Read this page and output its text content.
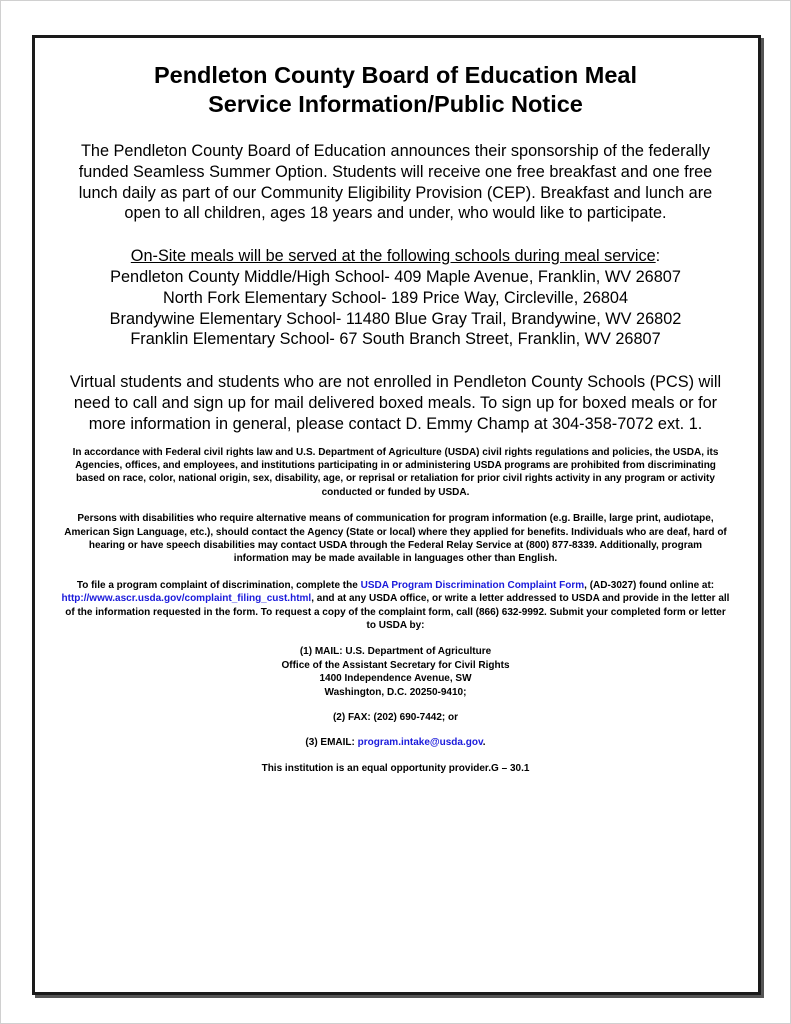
Pendleton County Board of Education Meal
Service Information/Public Notice

The Pendleton County Board of Education announces their sponsorship of the federally funded Seamless Summer Option. Students will receive one free breakfast and one free lunch daily as part of our Community Eligibility Provision (CEP). Breakfast and lunch are open to all children, ages 18 years and under, who would like to participate.

On-Site meals will be served at the following schools during meal service:
Pendleton County Middle/High School- 409 Maple Avenue, Franklin, WV 26807
North Fork Elementary School- 189 Price Way, Circleville, 26804
Brandywine Elementary School- 11480 Blue Gray Trail, Brandywine, WV 26802
Franklin Elementary School- 67 South Branch Street, Franklin, WV 26807

Virtual students and students who are not enrolled in Pendleton County Schools (PCS) will need to call and sign up for mail delivered boxed meals. To sign up for boxed meals or for more information in general, please contact D. Emmy Champ at 304-358-7072 ext. 1.

In accordance with Federal civil rights law and U.S. Department of Agriculture (USDA) civil rights regulations and policies, the USDA, its Agencies, offices, and employees, and institutions participating in or administering USDA programs are prohibited from discriminating based on race, color, national origin, sex, disability, age, or reprisal or retaliation for prior civil rights activity in any program or activity conducted or funded by USDA.

Persons with disabilities who require alternative means of communication for program information (e.g. Braille, large print, audiotape, American Sign Language, etc.), should contact the Agency (State or local) where they applied for benefits. Individuals who are deaf, hard of hearing or have speech disabilities may contact USDA through the Federal Relay Service at (800) 877-8339. Additionally, program information may be made available in languages other than English.

To file a program complaint of discrimination, complete the USDA Program Discrimination Complaint Form, (AD-3027) found online at: http://www.ascr.usda.gov/complaint_filing_cust.html, and at any USDA office, or write a letter addressed to USDA and provide in the letter all of the information requested in the form. To request a copy of the complaint form, call (866) 632-9992. Submit your completed form or letter to USDA by:

(1) MAIL: U.S. Department of Agriculture
Office of the Assistant Secretary for Civil Rights
1400 Independence Avenue, SW
Washington, D.C. 20250-9410;
(2) FAX: (202) 690-7442; or
(3) EMAIL: program.intake@usda.gov.
This institution is an equal opportunity provider.G – 30.1
